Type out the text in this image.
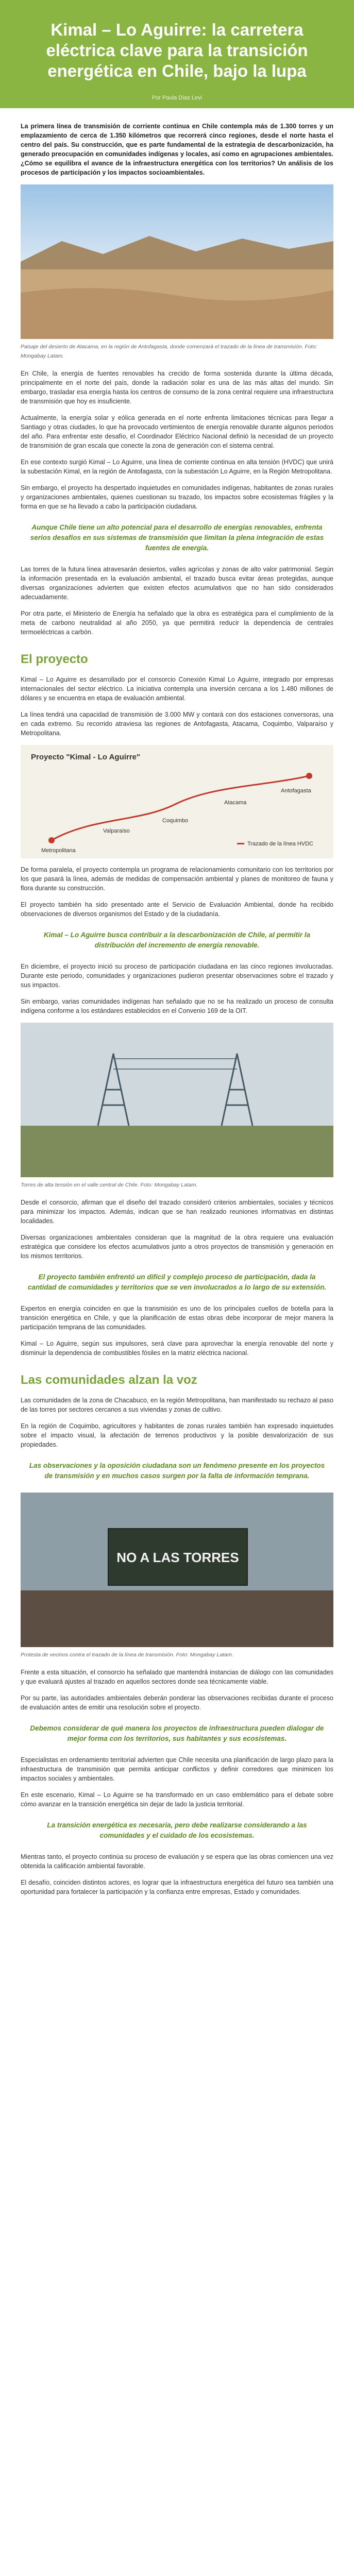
Kimal – Lo Aguirre: la carretera eléctrica clave para la transición energética en Chile, bajo la lupa
Por Paula Díaz Levi

La primera línea de transmisión de corriente continua en Chile contempla más de 1.300 torres y un emplazamiento de cerca de 1.350 kilómetros que recorrerá cinco regiones, desde el norte hasta el centro del país. Su construcción, que es parte fundamental de la estrategia de descarbonización, ha generado preocupación en comunidades indígenas y locales, así como en agrupaciones ambientales. ¿Cómo se equilibra el avance de la infraestructura energética con los territorios? Un análisis de los procesos de participación y los impactos socioambientales.

Paisaje del desierto de Atacama, en la región de Antofagasta, donde comenzará el trazado de la línea de transmisión. Foto: Mongabay Latam.

En Chile, la energía de fuentes renovables ha crecido de forma sostenida durante la última década, principalmente en el norte del país, donde la radiación solar es una de las más altas del mundo. Sin embargo, trasladar esa energía hasta los centros de consumo de la zona central requiere una infraestructura de transmisión que hoy es insuficiente.

Actualmente, la energía solar y eólica generada en el norte enfrenta limitaciones técnicas para llegar a Santiago y otras ciudades, lo que ha provocado vertimientos de energía renovable durante algunos periodos del año. Para enfrentar este desafío, el Coordinador Eléctrico Nacional definió la necesidad de un proyecto de transmisión de gran escala que conecte la zona de generación con el sistema central.

En ese contexto surgió Kimal – Lo Aguirre, una línea de corriente continua en alta tensión (HVDC) que unirá la subestación Kimal, en la región de Antofagasta, con la subestación Lo Aguirre, en la Región Metropolitana.

Sin embargo, el proyecto ha despertado inquietudes en comunidades indígenas, habitantes de zonas rurales y organizaciones ambientales, quienes cuestionan su trazado, los impactos sobre ecosistemas frágiles y la forma en que se ha llevado a cabo la participación ciudadana.

Aunque Chile tiene un alto potencial para el desarrollo de energías renovables, enfrenta serios desafíos en sus sistemas de transmisión que limitan la plena integración de estas fuentes de energía.

Las torres de la futura línea atravesarán desiertos, valles agrícolas y zonas de alto valor patrimonial. Según la información presentada en la evaluación ambiental, el trazado busca evitar áreas protegidas, aunque diversas organizaciones advierten que existen efectos acumulativos que no han sido considerados adecuadamente.

Por otra parte, el Ministerio de Energía ha señalado que la obra es estratégica para el cumplimiento de la meta de carbono neutralidad al año 2050, ya que permitirá reducir la dependencia de centrales termoeléctricas a carbón.

El proyecto

Kimal – Lo Aguirre es desarrollado por el consorcio Conexión Kimal Lo Aguirre, integrado por empresas internacionales del sector eléctrico. La iniciativa contempla una inversión cercana a los 1.480 millones de dólares y se encuentra en etapa de evaluación ambiental.

La línea tendrá una capacidad de transmisión de 3.000 MW y contará con dos estaciones conversoras, una en cada extremo. Su recorrido atraviesa las regiones de Antofagasta, Atacama, Coquimbo, Valparaíso y Metropolitana.

Proyecto "Kimal - Lo Aguirre"
Antofagasta
Atacama
Coquimbo
Valparaíso
Metropolitana
Trazado de la línea HVDC

De forma paralela, el proyecto contempla un programa de relacionamiento comunitario con los territorios por los que pasará la línea, además de medidas de compensación ambiental y planes de monitoreo de fauna y flora durante su construcción.

El proyecto también ha sido presentado ante el Servicio de Evaluación Ambiental, donde ha recibido observaciones de diversos organismos del Estado y de la ciudadanía.

Kimal – Lo Aguirre busca contribuir a la descarbonización de Chile, al permitir la distribución del incremento de energía renovable.

En diciembre, el proyecto inició su proceso de participación ciudadana en las cinco regiones involucradas. Durante este periodo, comunidades y organizaciones pudieron presentar observaciones sobre el trazado y sus impactos.

Sin embargo, varias comunidades indígenas han señalado que no se ha realizado un proceso de consulta indígena conforme a los estándares establecidos en el Convenio 169 de la OIT.

Torres de alta tensión en el valle central de Chile. Foto: Mongabay Latam.

Desde el consorcio, afirman que el diseño del trazado consideró criterios ambientales, sociales y técnicos para minimizar los impactos. Además, indican que se han realizado reuniones informativas en distintas localidades.

Diversas organizaciones ambientales consideran que la magnitud de la obra requiere una evaluación estratégica que considere los efectos acumulativos junto a otros proyectos de transmisión y generación en los mismos territorios.

El proyecto también enfrentó un difícil y complejo proceso de participación, dada la cantidad de comunidades y territorios que se ven involucrados a lo largo de su extensión.

Expertos en energía coinciden en que la transmisión es uno de los principales cuellos de botella para la transición energética en Chile, y que la planificación de estas obras debe incorporar de mejor manera la participación temprana de las comunidades.

Kimal – Lo Aguirre, según sus impulsores, será clave para aprovechar la energía renovable del norte y disminuir la dependencia de combustibles fósiles en la matriz eléctrica nacional.

Las comunidades alzan la voz

Las comunidades de la zona de Chacabuco, en la región Metropolitana, han manifestado su rechazo al paso de las torres por sectores cercanos a sus viviendas y zonas de cultivo.

En la región de Coquimbo, agricultores y habitantes de zonas rurales también han expresado inquietudes sobre el impacto visual, la afectación de terrenos productivos y la posible desvalorización de sus propiedades.

Las observaciones y la oposición ciudadana son un fenómeno presente en los proyectos de transmisión y en muchos casos surgen por la falta de información temprana.

NO A LAS TORRES

Protesta de vecinos contra el trazado de la línea de transmisión. Foto: Mongabay Latam.

Frente a esta situación, el consorcio ha señalado que mantendrá instancias de diálogo con las comunidades y que evaluará ajustes al trazado en aquellos sectores donde sea técnicamente viable.

Por su parte, las autoridades ambientales deberán ponderar las observaciones recibidas durante el proceso de evaluación antes de emitir una resolución sobre el proyecto.

Debemos considerar de qué manera los proyectos de infraestructura pueden dialogar de mejor forma con los territorios, sus habitantes y sus ecosistemas.

Especialistas en ordenamiento territorial advierten que Chile necesita una planificación de largo plazo para la infraestructura de transmisión que permita anticipar conflictos y definir corredores que minimicen los impactos sociales y ambientales.

En este escenario, Kimal – Lo Aguirre se ha transformado en un caso emblemático para el debate sobre cómo avanzar en la transición energética sin dejar de lado la justicia territorial.

La transición energética es necesaria, pero debe realizarse considerando a las comunidades y el cuidado de los ecosistemas.

Mientras tanto, el proyecto continúa su proceso de evaluación y se espera que las obras comiencen una vez obtenida la calificación ambiental favorable.

El desafío, coinciden distintos actores, es lograr que la infraestructura energética del futuro sea también una oportunidad para fortalecer la participación y la confianza entre empresas, Estado y comunidades.
